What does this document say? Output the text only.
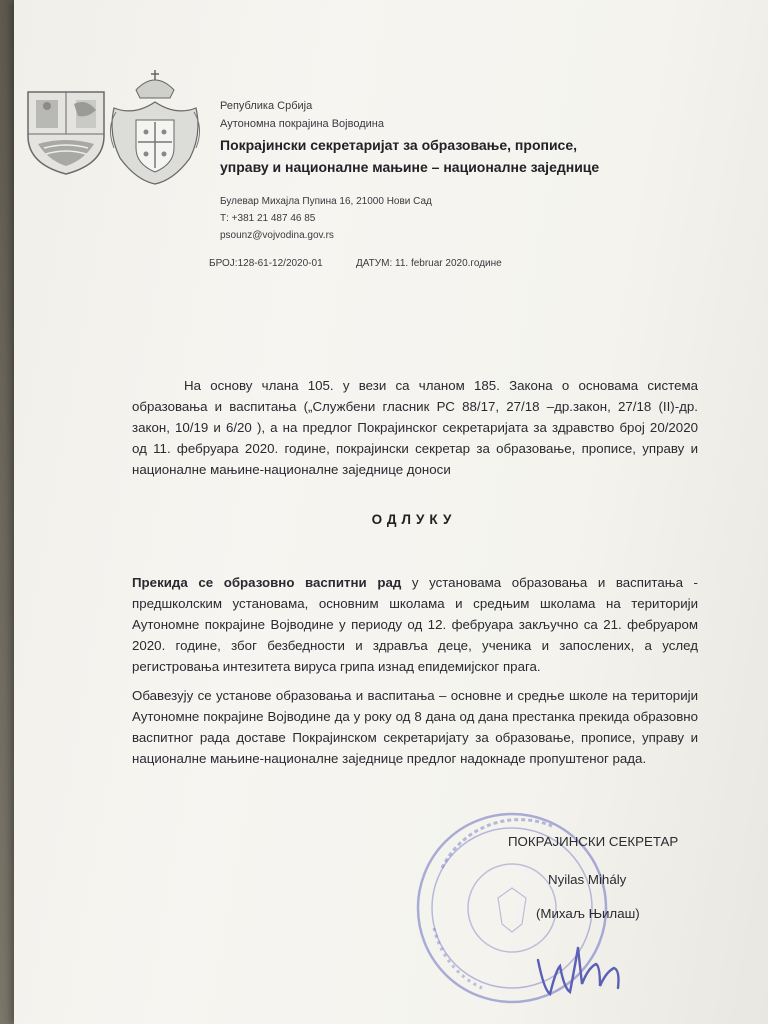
Република Србија

Аутономна покрајина Војводина

Покрајински секретаријат за образовање, прописе,

управу и националне мањине – националне заједнице

Булевар Михајла Пупина 16, 21000 Нови Сад
Т: +381 21 487 46 85
psounz@vojvodina.gov.rs
БРОЈ:128-61-12/2020-01	ДАТУМ: 11. februar 2020.године

На основу члана 105. у вези са чланом 185. Закона о основама система образовања и васпитања („Службени гласник РС 88/17, 27/18 –др.закон, 27/18 (II)-др. закон, 10/19 и 6/20 ), а на предлог Покрајинског секретаријата за здравство број 20/2020 од 11. фебруара 2020. године, покрајински секретар за образовање, прописе, управу и националне мањине-националне заједнице доноси

ОДЛУКУ

Прекида се образовно васпитни рад у установама образовања и васпитања - предшколским установама, основним школама и средњим школама на територији Аутономне покрајине Војводине у периоду од 12. фебруара закључно са 21. фебруаром 2020. године, због безбедности и здравља деце, ученика и запослених, а услед регистровања интезитета вируса грипа изнад епидемијског прага.

Обавезују се установе образовања и васпитања – основне и средње школе на територији Аутономне покрајине Војводине да у року од 8 дана од дана престанка прекида образовно васпитног рада доставе Покрајинском секретаријату за образовање, прописе, управу и националне мањине-националне заједнице предлог надокнаде пропуштеног рада.

ПОКРАЈИНСКИ СЕКРЕТАР
Nyilas Mihály
(Михаљ Њилаш)
